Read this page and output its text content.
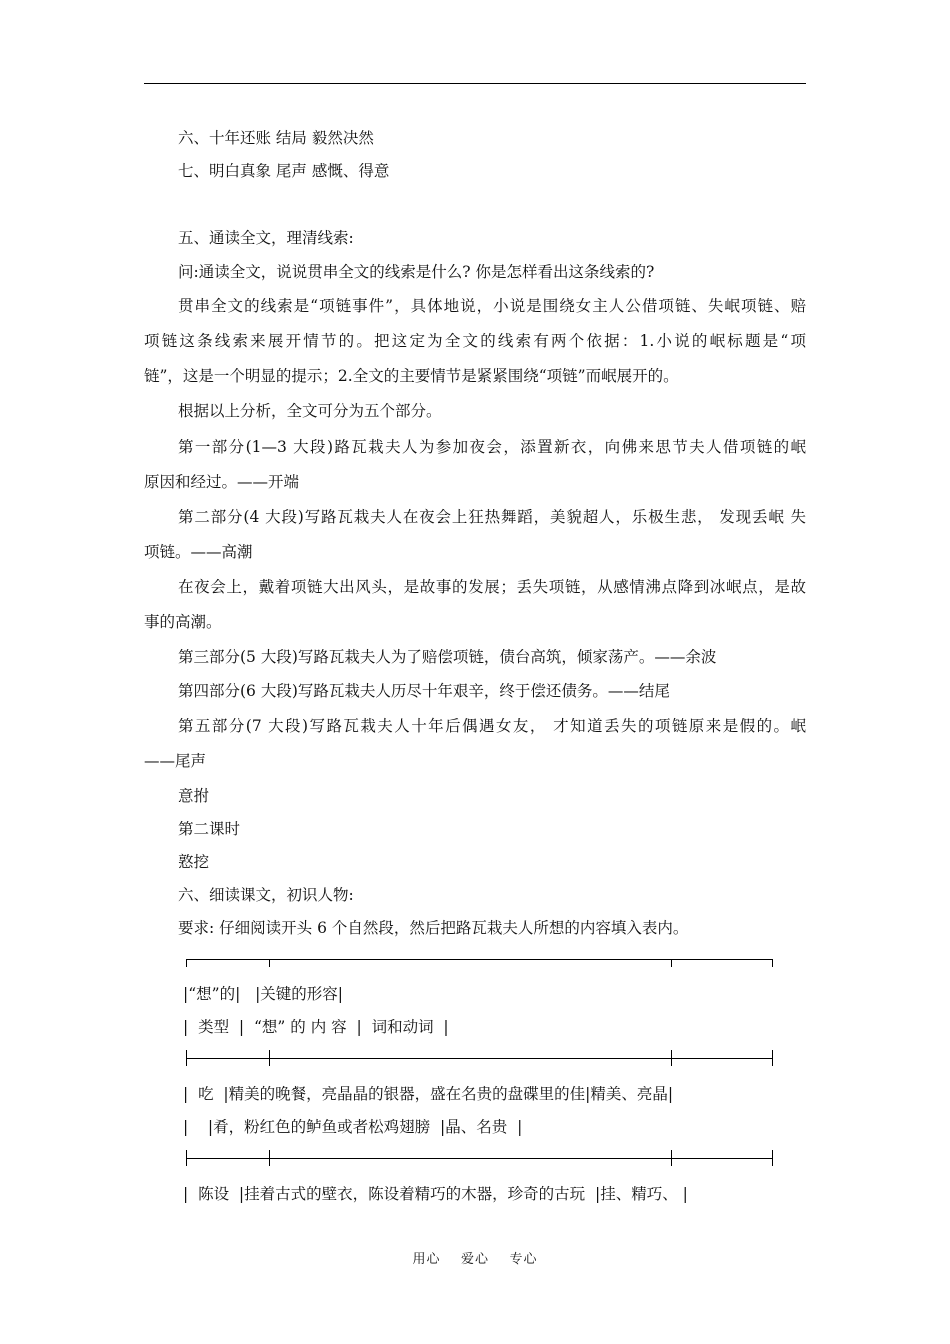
六、十年还账 结局 毅然决然
七、明白真象 尾声 感慨、得意
五、通读全文，理清线索:
问:通读全文，说说贯串全文的线索是什么? 你是怎样看出这条线索的?
贯串全文的线索是“项链事件”，具体地说，小说是围绕女主人公借项链、失岷项链、赔
项链这条线索来展开情节的。把这定为全文的线索有两个依据：1.小说的岷标题是“项
链”，这是一个明显的提示；2.全文的主要情节是紧紧围绕“项链”而岷展开的。
根据以上分析，全文可分为五个部分。
第一部分(1—3 大段)路瓦栽夫人为参加夜会，添置新衣，向佛来思节夫人借项链的岷
原因和经过。——开端
第二部分(4 大段)写路瓦栽夫人在夜会上狂热舞蹈，美貌超人，乐极生悲， 发现丢岷 失
项链。——高潮
在夜会上，戴着项链大出风头，是故事的发展；丢失项链，从感情沸点降到冰岷点，是故
事的高潮。
第三部分(5 大段)写路瓦栽夫人为了赔偿项链，债台高筑，倾家荡产。——余波
第四部分(6 大段)写路瓦栽夫人历尽十年艰辛，终于偿还债务。——结尾
第五部分(7 大段)写路瓦栽夫人十年后偶遇女友， 才知道丢失的项链原来是假的。岷
——尾声
意拊
第二课时
憝挖
六、细读课文，初识人物:
要求: 仔细阅读开头 6 个自然段，然后把路瓦栽夫人所想的内容填入表内。
|“想”的|   |关键的形容|
|  类型  |  “想” 的 内 容  |  词和动词  |
|  吃  |精美的晚餐，亮晶晶的银器，盛在名贵的盘碟里的佳|精美、亮晶|
|    |肴，粉红色的鲈鱼或者松鸡翅膀  |晶、名贵  |
|  陈设  |挂着古式的壁衣，陈设着精巧的木器，珍奇的古玩  |挂、精巧、 |
用心    爱心    专心
